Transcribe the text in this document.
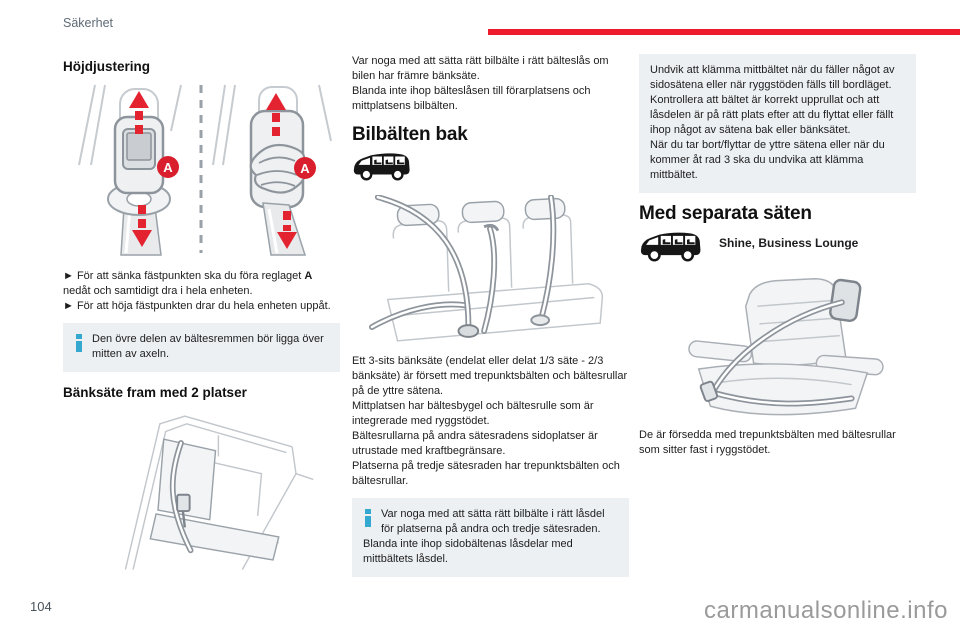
Säkerhet
Höjdjustering
A	A

► För att sänka fästpunkten ska du föra reglaget A nedåt och samtidigt dra i hela enheten.

► För att höja fästpunkten drar du hela enheten uppåt.

Den övre delen av bältesremmen bör ligga över mitten av axeln.

Bänksäte fram med 2 platser

Var noga med att sätta rätt bilbälte i rätt bälteslås om bilen har främre bänksäte.

Blanda inte ihop bälteslåsen till förarplatsens och mittplatsens bilbälten.

Bilbälten bak

Ett 3-sits bänksäte (endelat eller delat 1/3 säte - 2/3 bänksäte) är försett med trepunktsbälten och bältesrullar på de yttre sätena.

Mittplatsen har bältesbygel och bältesrulle som är integrerade med ryggstödet.

Bältesrullarna på andra sätesradens sidoplatser är utrustade med kraftbegränsare.

Platserna på tredje sätesraden har trepunktsbälten och bältesrullar.

Var noga med att sätta rätt bilbälte i rätt låsdel för platserna på andra och tredje sätesraden.

Blanda inte ihop sidobältenas låsdelar med mittbältets låsdel.

Undvik att klämma mittbältet när du fäller något av sidosätena eller när ryggstöden fälls till bordläget.

Kontrollera att bältet är korrekt upprullat och att låsdelen är på rätt plats efter att du flyttat eller fällt ihop något av sätena bak eller bänksätet.

När du tar bort/flyttar de yttre sätena eller när du kommer åt rad 3 ska du undvika att klämma mittbältet.

Med separata säten
Shine, Business Lounge

De är försedda med trepunktsbälten med bältesrullar som sitter fast i ryggstödet.

104	carmanualsonline.info
